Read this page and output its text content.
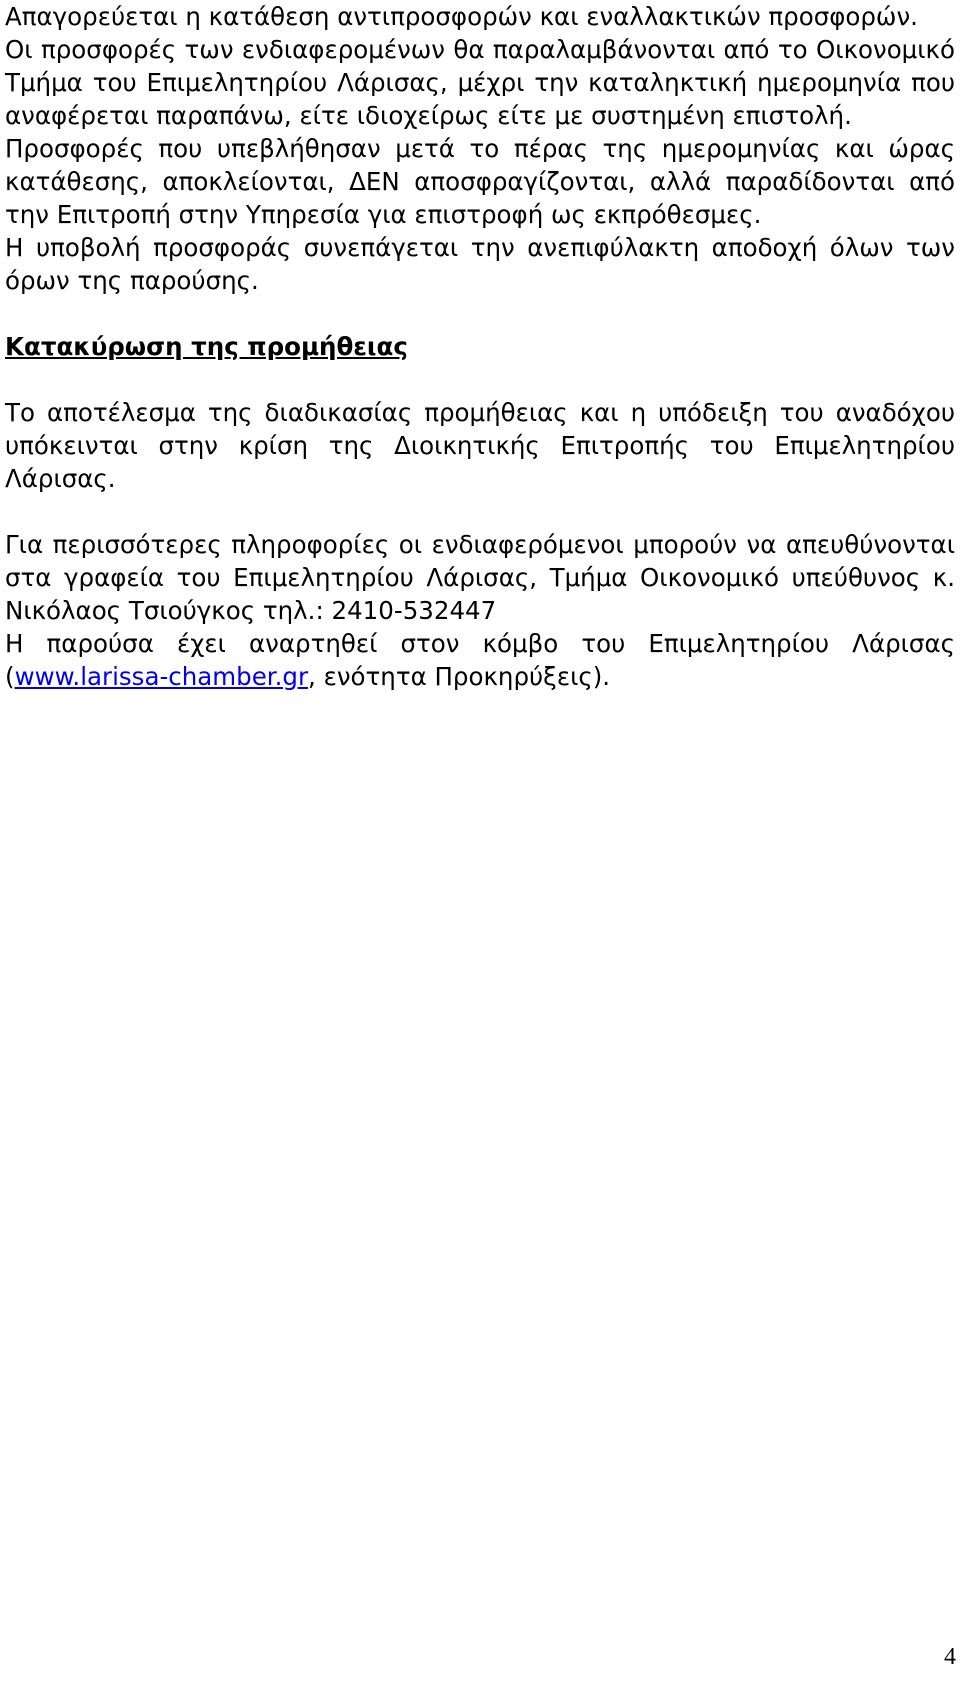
Απαγορεύεται η κατάθεση αντιπροσφορών και εναλλακτικών προσφορών.

Οι προσφορές των ενδιαφερομένων θα παραλαμβάνονται από το Οικονομικό Τμήμα του Επιμελητηρίου Λάρισας, μέχρι την καταληκτική ημερομηνία που αναφέρεται παραπάνω, είτε ιδιοχείρως είτε με συστημένη επιστολή.

Προσφορές που υπεβλήθησαν μετά το πέρας της ημερομηνίας και ώρας κατάθεσης, αποκλείονται, ΔΕΝ αποσφραγίζονται, αλλά παραδίδονται από την Επιτροπή στην Υπηρεσία για επιστροφή ως εκπρόθεσμες.

Η υποβολή προσφοράς συνεπάγεται την ανεπιφύλακτη αποδοχή όλων των όρων της παρούσης.

Κατακύρωση της προμήθειας

Το αποτέλεσμα της διαδικασίας προμήθειας και η υπόδειξη του αναδόχου υπόκεινται στην κρίση της Διοικητικής Επιτροπής του Επιμελητηρίου Λάρισας.

Για περισσότερες πληροφορίες οι ενδιαφερόμενοι μπορούν να απευθύνονται στα γραφεία του Επιμελητηρίου Λάρισας, Τμήμα Οικονομικό υπεύθυνος κ. Νικόλαος Τσιούγκος τηλ.: 2410-532447

Η παρούσα έχει αναρτηθεί στον κόμβο του Επιμελητηρίου Λάρισας (www.larissa-chamber.gr, ενότητα Προκηρύξεις).

4
